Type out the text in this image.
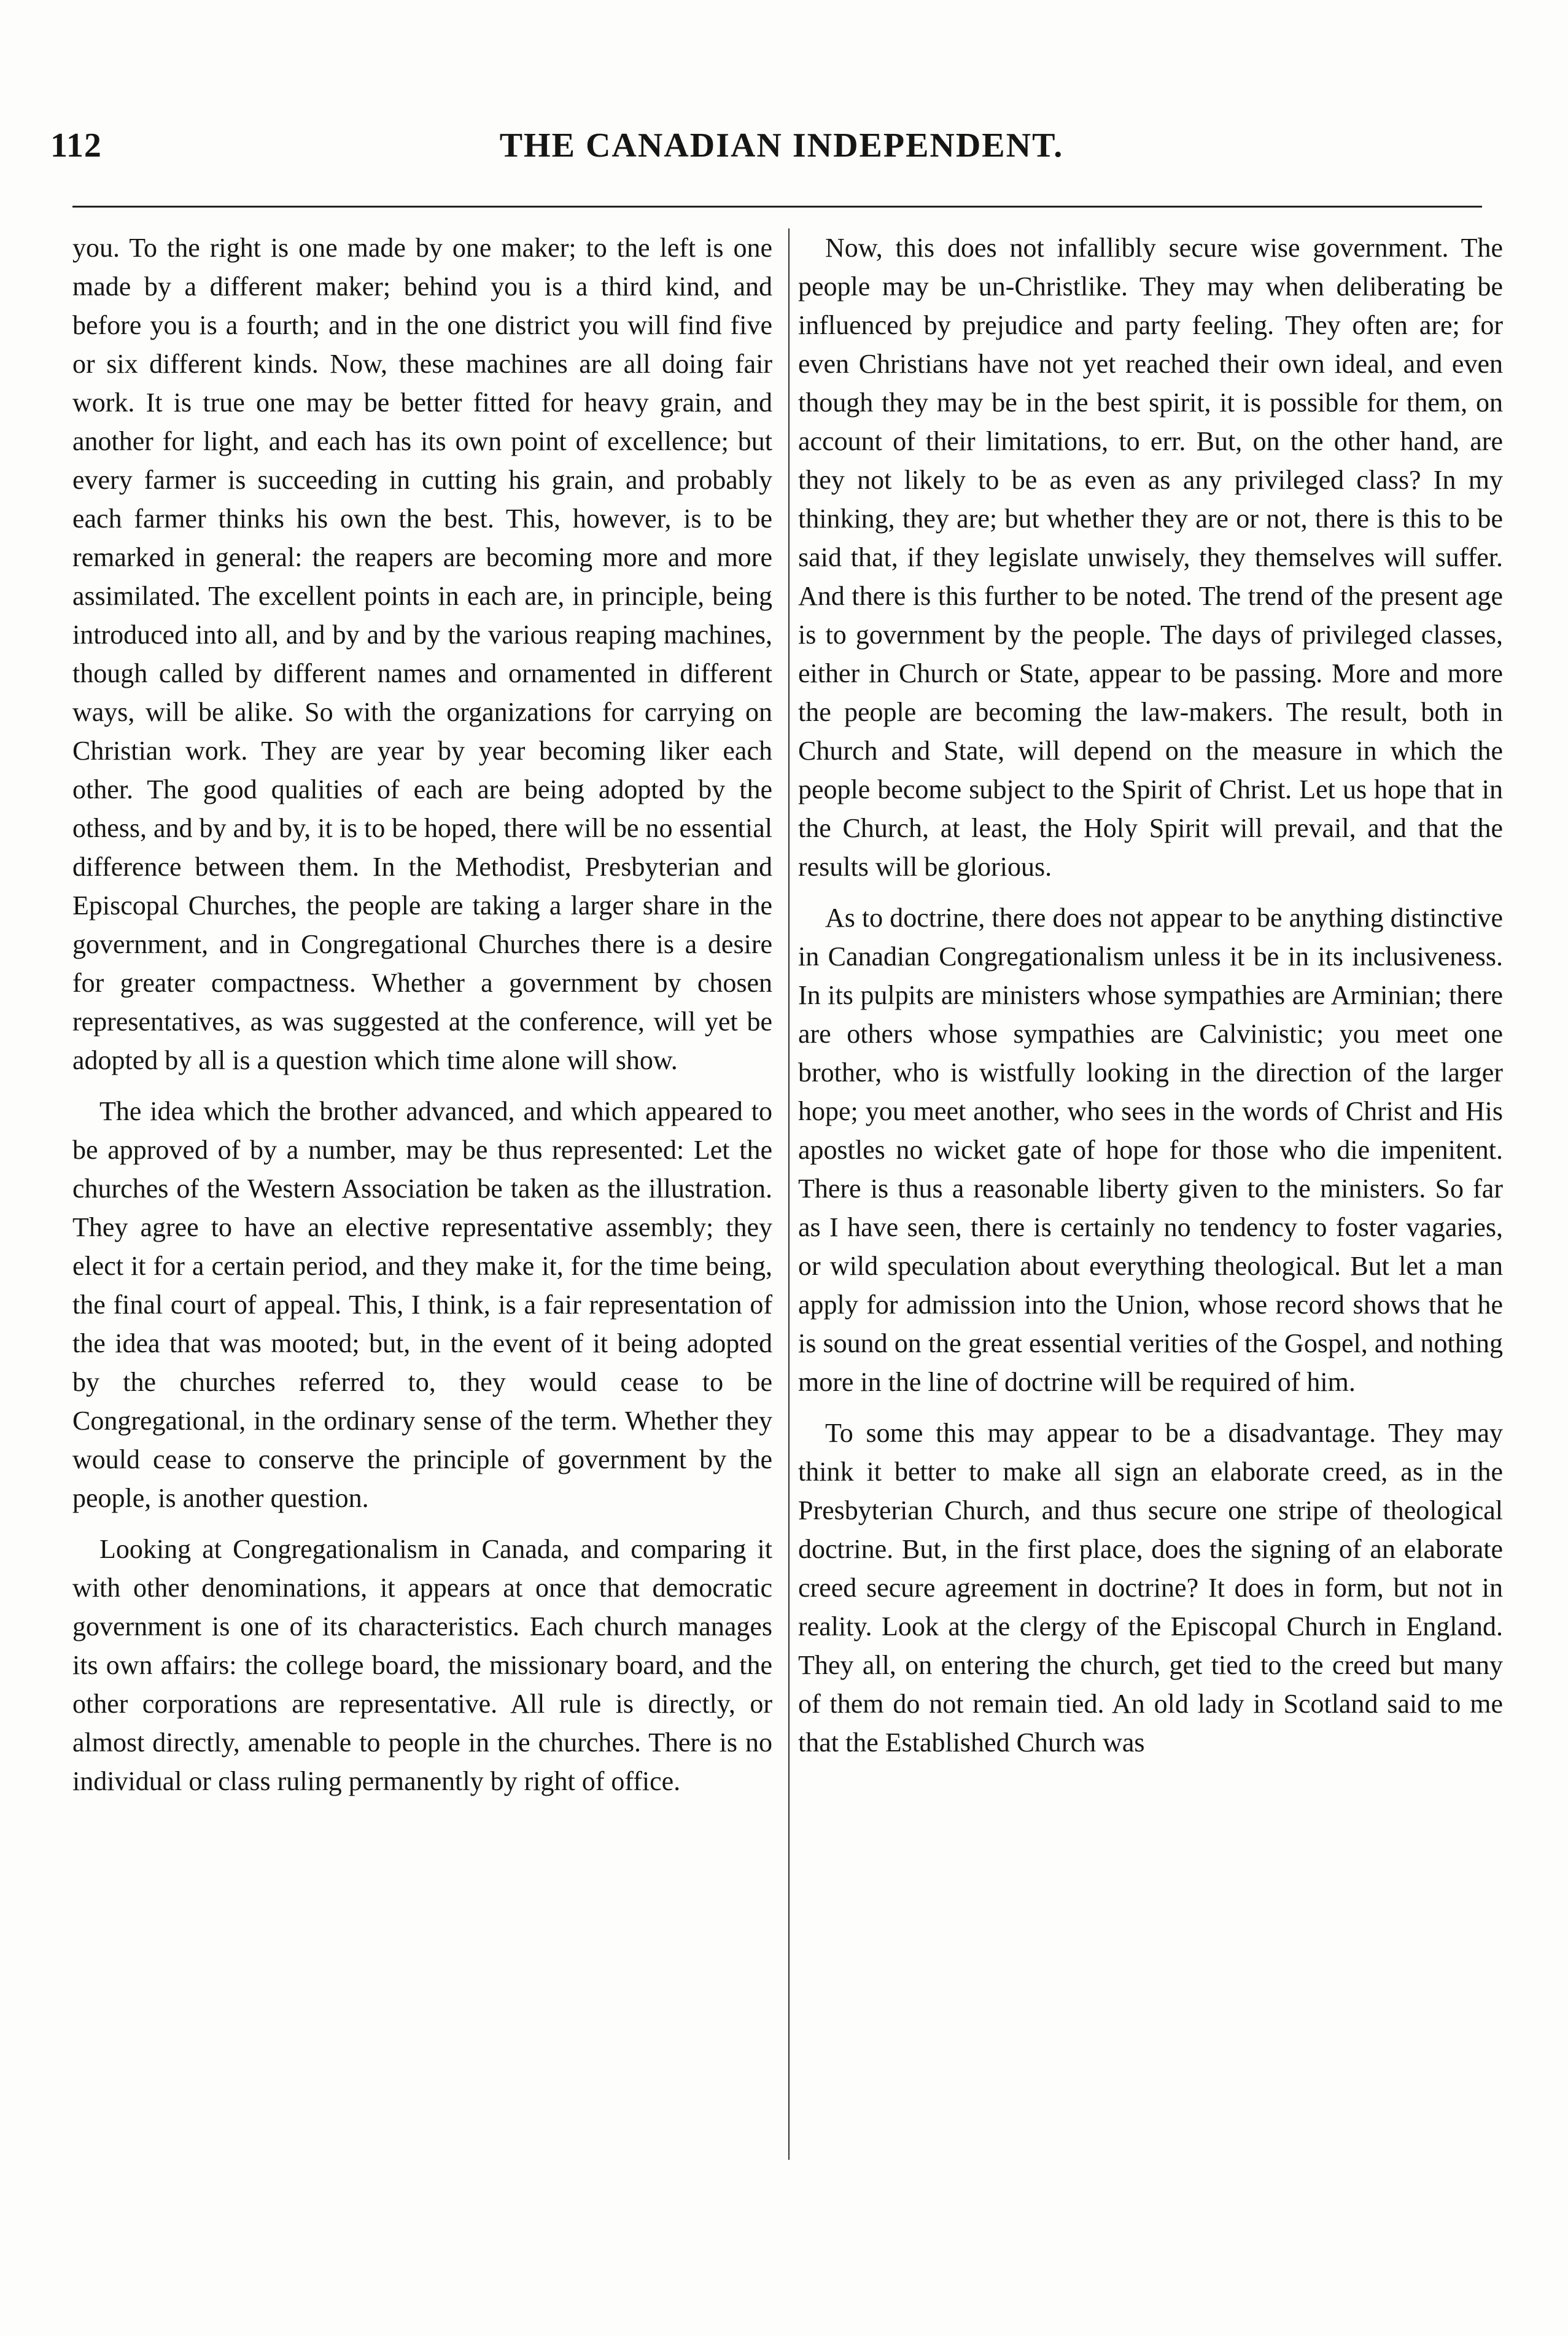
112	THE CANADIAN INDEPENDENT.

you. To the right is one made by one maker; to the left is one made by a different maker; behind you is a third kind, and before you is a fourth; and in the one district you will find five or six different kinds. Now, these machines are all doing fair work. It is true one may be better fitted for heavy grain, and another for light, and each has its own point of excellence; but every farmer is succeeding in cutting his grain, and probably each farmer thinks his own the best. This, however, is to be remarked in general: the reapers are becoming more and more assimilated. The excellent points in each are, in principle, being introduced into all, and by and by the various reaping machines, though called by different names and ornamented in different ways, will be alike. So with the organizations for carrying on Christian work. They are year by year becoming liker each other. The good qualities of each are being adopted by the othess, and by and by, it is to be hoped, there will be no essential difference between them. In the Methodist, Presbyterian and Episcopal Churches, the people are taking a larger share in the government, and in Congregational Churches there is a desire for greater compactness. Whether a government by chosen representatives, as was suggested at the conference, will yet be adopted by all is a question which time alone will show.

The idea which the brother advanced, and which appeared to be approved of by a number, may be thus represented: Let the churches of the Western Association be taken as the illustration. They agree to have an elective representative assembly; they elect it for a certain period, and they make it, for the time being, the final court of appeal. This, I think, is a fair representation of the idea that was mooted; but, in the event of it being adopted by the churches referred to, they would cease to be Congregational, in the ordinary sense of the term. Whether they would cease to conserve the principle of government by the people, is another question.

Looking at Congregationalism in Canada, and comparing it with other denominations, it appears at once that democratic government is one of its characteristics. Each church manages its own affairs: the college board, the missionary board, and the other corporations are representative. All rule is directly, or almost directly, amenable to people in the churches. There is no individual or class ruling permanently by right of office.

Now, this does not infallibly secure wise government. The people may be un-Christlike. They may when deliberating be influenced by prejudice and party feeling. They often are; for even Christians have not yet reached their own ideal, and even though they may be in the best spirit, it is possible for them, on account of their limitations, to err. But, on the other hand, are they not likely to be as even as any privileged class? In my thinking, they are; but whether they are or not, there is this to be said that, if they legislate unwisely, they themselves will suffer. And there is this further to be noted. The trend of the present age is to government by the people. The days of privileged classes, either in Church or State, appear to be passing. More and more the people are becoming the law-makers. The result, both in Church and State, will depend on the measure in which the people become subject to the Spirit of Christ. Let us hope that in the Church, at least, the Holy Spirit will prevail, and that the results will be glorious.

As to doctrine, there does not appear to be anything distinctive in Canadian Congregationalism unless it be in its inclusiveness. In its pulpits are ministers whose sympathies are Arminian; there are others whose sympathies are Calvinistic; you meet one brother, who is wistfully looking in the direction of the larger hope; you meet another, who sees in the words of Christ and His apostles no wicket gate of hope for those who die impenitent. There is thus a reasonable liberty given to the ministers. So far as I have seen, there is certainly no tendency to foster vagaries, or wild speculation about everything theological. But let a man apply for admission into the Union, whose record shows that he is sound on the great essential verities of the Gospel, and nothing more in the line of doctrine will be required of him.

To some this may appear to be a disadvantage. They may think it better to make all sign an elaborate creed, as in the Presbyterian Church, and thus secure one stripe of theological doctrine. But, in the first place, does the signing of an elaborate creed secure agreement in doctrine? It does in form, but not in reality. Look at the clergy of the Episcopal Church in England. They all, on entering the church, get tied to the creed but many of them do not remain tied. An old lady in Scotland said to me that the Established Church was
